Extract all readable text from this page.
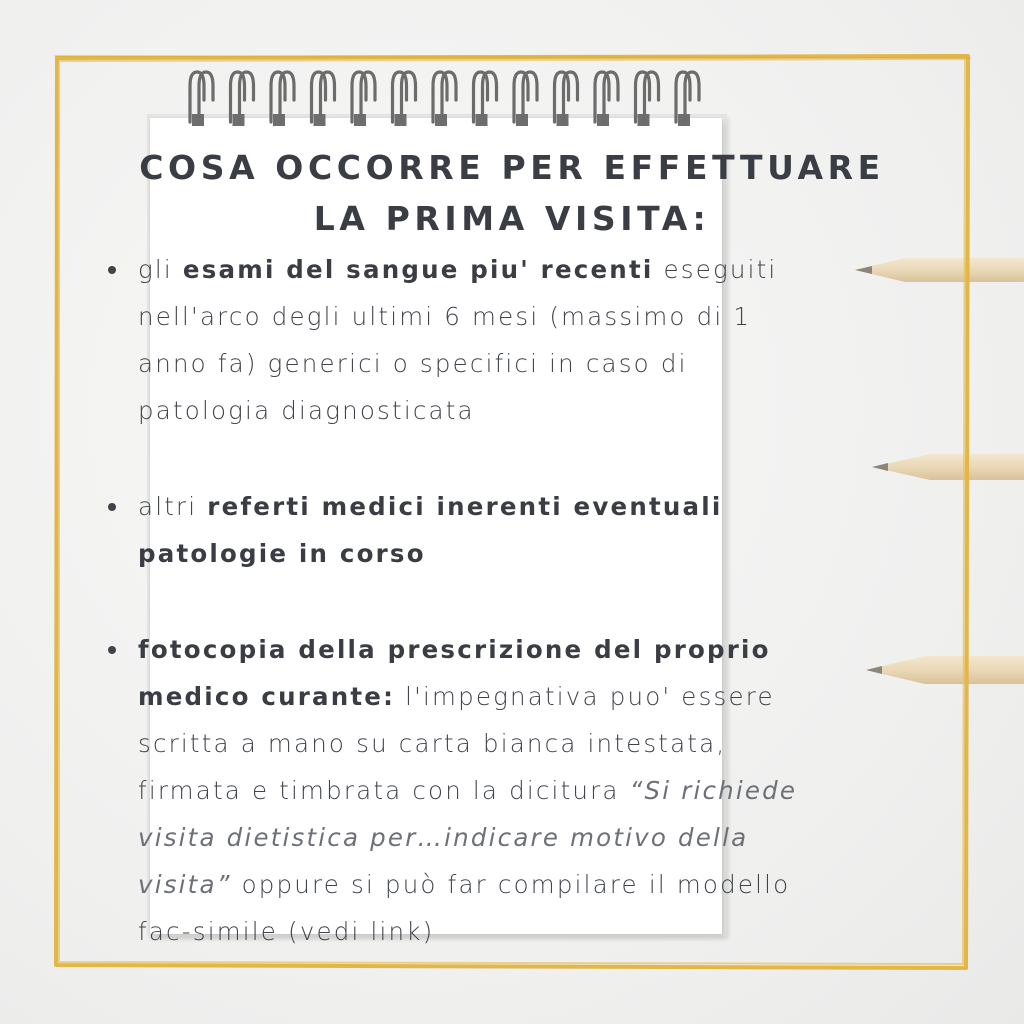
COSA OCCORRE PER EFFETTUARE
LA PRIMA VISITA:
gli esami del sangue piu' recenti eseguiti
nell'arco degli ultimi 6 mesi (massimo di 1
anno fa) generici o specifici in caso di
patologia diagnosticata
altri referti medici inerenti eventuali
patologie in corso
fotocopia della prescrizione del proprio
medico curante: l'impegnativa puo' essere
scritta a mano su carta bianca intestata,
firmata e timbrata con la dicitura “Si richiede
visita dietistica per…indicare motivo della
visita” oppure si può far compilare il modello
fac-simile (vedi link)
